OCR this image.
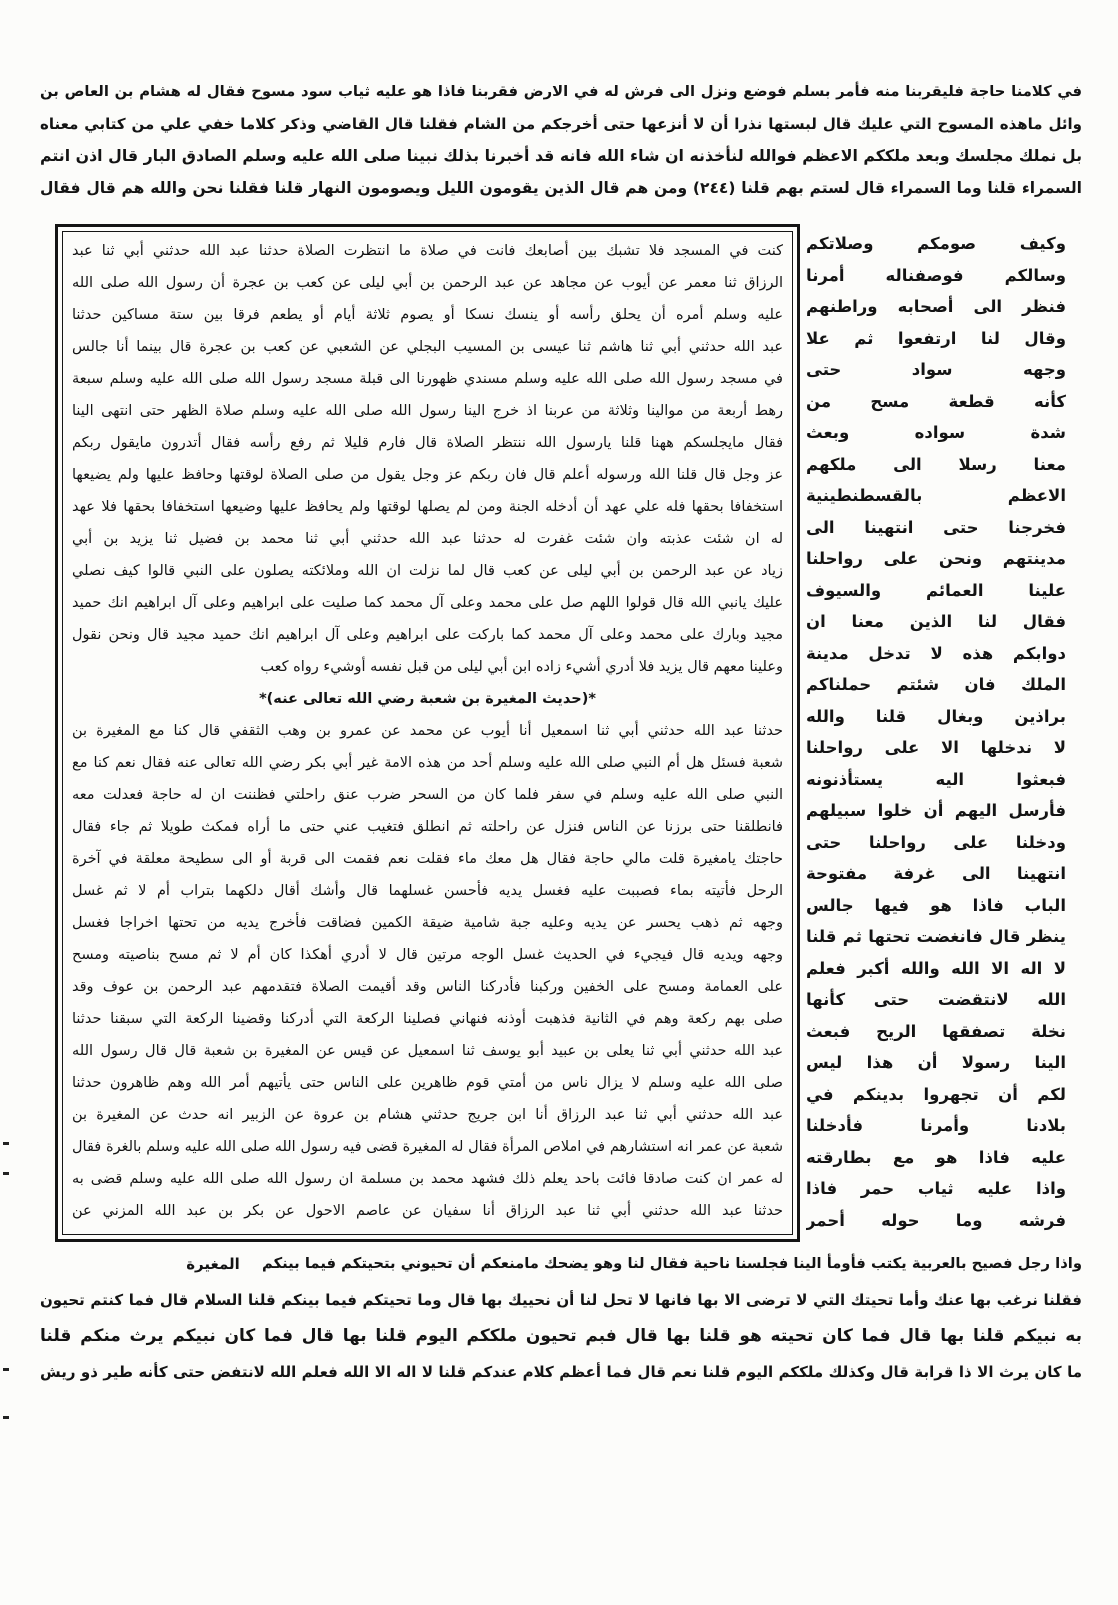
في كلامنا حاجة فليقربنا منه فأمر بسلم فوضع ونزل الى فرش له في الارض فقربنا فاذا هو عليه ثياب سود مسوح فقال له هشام بن العاص بن
وائل ماهذه المسوح التي عليك قال لبستها نذرا أن لا أنزعها حتى أخرجكم من الشام فقلنا قال القاضي وذكر كلاما خفي علي من كتابي معناه
بل نملك مجلسك وبعد ملككم الاعظم فوالله لنأخذنه ان شاء الله فانه قد أخبرنا بذلك نبينا صلى الله عليه وسلم الصادق البار قال اذن انتم
السمراء قلنا وما السمراء قال لستم بهم قلنا (٢٤٤) ومن هم قال الذين يقومون الليل ويصومون النهار قلنا فقلنا نحن والله هم قال فقال
كنت في المسجد فلا تشبك بين أصابعك فانت في صلاة ما انتظرت الصلاة حدثنا عبد الله حدثني أبي ثنا عبد
الرزاق ثنا معمر عن أيوب عن مجاهد عن عبد الرحمن بن أبي ليلى عن كعب بن عجرة أن رسول الله صلى الله
عليه وسلم أمره أن يحلق رأسه أو ينسك نسكا أو يصوم ثلاثة أيام أو يطعم فرقا بين ستة مساكين حدثنا
عبد الله حدثني أبي ثنا هاشم ثنا عيسى بن المسيب البجلي عن الشعبي عن كعب بن عجرة قال بينما أنا جالس
في مسجد رسول الله صلى الله عليه وسلم مسندي ظهورنا الى قبلة مسجد رسول الله صلى الله عليه وسلم سبعة
رهط أربعة من موالينا وثلاثة من عربنا اذ خرج الينا رسول الله صلى الله عليه وسلم صلاة الظهر حتى انتهى الينا
فقال مايجلسكم ههنا قلنا يارسول الله ننتظر الصلاة قال فارم قليلا ثم رفع رأسه فقال أتدرون مايقول ربكم
عز وجل قال قلنا الله ورسوله أعلم قال فان ربكم عز وجل يقول من صلى الصلاة لوقتها وحافظ عليها ولم يضيعها
استخفافا بحقها فله علي عهد أن أدخله الجنة ومن لم يصلها لوقتها ولم يحافظ عليها وضيعها استخفافا بحقها فلا عهد
له ان شئت عذبته وان شئت غفرت له حدثنا عبد الله حدثني أبي ثنا محمد بن فضيل ثنا يزيد بن أبي
زياد عن عبد الرحمن بن أبي ليلى عن كعب قال لما نزلت ان الله وملائكته يصلون على النبي قالوا كيف نصلي
عليك يانبي الله قال قولوا اللهم صل على محمد وعلى آل محمد كما صليت على ابراهيم وعلى آل ابراهيم انك حميد
مجيد وبارك على محمد وعلى آل محمد كما باركت على ابراهيم وعلى آل ابراهيم انك حميد مجيد قال ونحن نقول
وعلينا معهم قال يزيد فلا أدري أشيء زاده ابن أبي ليلى من قبل نفسه أوشيء رواه كعب
*(حديث المغيرة بن شعبة رضي الله تعالى عنه)*
حدثنا عبد الله حدثني أبي ثنا اسمعيل أنا أيوب عن محمد عن عمرو بن وهب الثقفي قال كنا مع المغيرة بن
شعبة فسئل هل أم النبي صلى الله عليه وسلم أحد من هذه الامة غير أبي بكر رضي الله تعالى عنه فقال نعم كنا مع
النبي صلى الله عليه وسلم في سفر فلما كان من السحر ضرب عنق راحلتي فظننت ان له حاجة فعدلت معه
فانطلقنا حتى برزنا عن الناس فنزل عن راحلته ثم انطلق فتغيب عني حتى ما أراه فمكث طويلا ثم جاء فقال
حاجتك يامغيرة قلت مالي حاجة فقال هل معك ماء فقلت نعم فقمت الى قربة أو الى سطيحة معلقة في آخرة
الرحل فأتيته بماء فصببت عليه فغسل يديه فأحسن غسلهما قال وأشك أقال دلكهما بتراب أم لا ثم غسل
وجهه ثم ذهب يحسر عن يديه وعليه جبة شامية ضيقة الكمين فضاقت فأخرج يديه من تحتها اخراجا فغسل
وجهه ويديه قال فيجيء في الحديث غسل الوجه مرتين قال لا أدري أهكذا كان أم لا ثم مسح بناصيته ومسح
على العمامة ومسح على الخفين وركبنا فأدركنا الناس وقد أقيمت الصلاة فتقدمهم عبد الرحمن بن عوف وقد
صلى بهم ركعة وهم في الثانية فذهبت أوذنه فنهاني فصلينا الركعة التي أدركنا وقضينا الركعة التي سبقنا حدثنا
عبد الله حدثني أبي ثنا يعلى بن عبيد أبو يوسف ثنا اسمعيل عن قيس عن المغيرة بن شعبة قال قال رسول الله
صلى الله عليه وسلم لا يزال ناس من أمتي قوم ظاهرين على الناس حتى يأتيهم أمر الله وهم ظاهرون حدثنا
عبد الله حدثني أبي ثنا عبد الرزاق أنا ابن جريج حدثني هشام بن عروة عن الزبير انه حدث عن المغيرة بن
شعبة عن عمر انه استشارهم في املاص المرأة فقال له المغيرة قضى فيه رسول الله صلى الله عليه وسلم بالغرة فقال
له عمر ان كنت صادقا فائت باحد يعلم ذلك فشهد محمد بن مسلمة ان رسول الله صلى الله عليه وسلم قضى به
حدثنا عبد الله حدثني أبي ثنا عبد الرزاق أنا سفيان عن عاصم الاحول عن بكر بن عبد الله المزني عن
وكيف صومكم وصلاتكم
وسالكم فوصفناله أمرنا
فنظر الى أصحابه وراطنهم
وقال لنا ارتفعوا ثم علا
وجهه سواد حتى
كأنه قطعة مسح من
شدة سواده وبعث
معنا رسلا الى ملكهم
الاعظم بالقسطنطينية
فخرجنا حتى انتهينا الى
مدينتهم ونحن على رواحلنا
علينا العمائم والسيوف
فقال لنا الذين معنا ان
دوابكم هذه لا تدخل مدينة
الملك فان شئتم حملناكم
براذين وبغال قلنا والله
لا ندخلها الا على رواحلنا
فبعثوا اليه يستأذنونه
فأرسل اليهم أن خلوا سبيلهم
ودخلنا على رواحلنا حتى
انتهينا الى غرفة مفتوحة
الباب فاذا هو فيها جالس
ينظر قال فانغضت تحتها ثم قلنا
لا اله الا الله والله أكبر فعلم
الله لانتقضت حتى كأنها
نخلة تصفقها الريح فبعث
الينا رسولا أن هذا ليس
لكم أن تجهروا بدينكم في
بلادنا وأمرنا فأدخلنا
عليه فاذا هو مع بطارقته
واذا عليه ثياب حمر فاذا
فرشه وما حوله أحمر
واذا رجل فصيح بالعربية يكتب فأومأ الينا فجلسنا ناحية فقال لنا وهو يضحك مامنعكم أن تحيوني بتحيتكم فيما بينكم
المغيرة
فقلنا نرغب بها عنك وأما تحيتك التي لا ترضى الا بها فانها لا تحل لنا أن نحييك بها قال وما تحيتكم فيما بينكم قلنا السلام قال فما كنتم تحيون
به نبيكم قلنا بها قال فما كان تحيته هو قلنا بها قال فبم تحيون ملككم اليوم قلنا بها قال فما كان نبيكم يرث منكم قلنا
ما كان يرث الا ذا قرابة قال وكذلك ملككم اليوم قلنا نعم قال فما أعظم كلام عندكم قلنا لا اله الا الله فعلم الله لانتفض حتى كأنه طير ذو ريش
